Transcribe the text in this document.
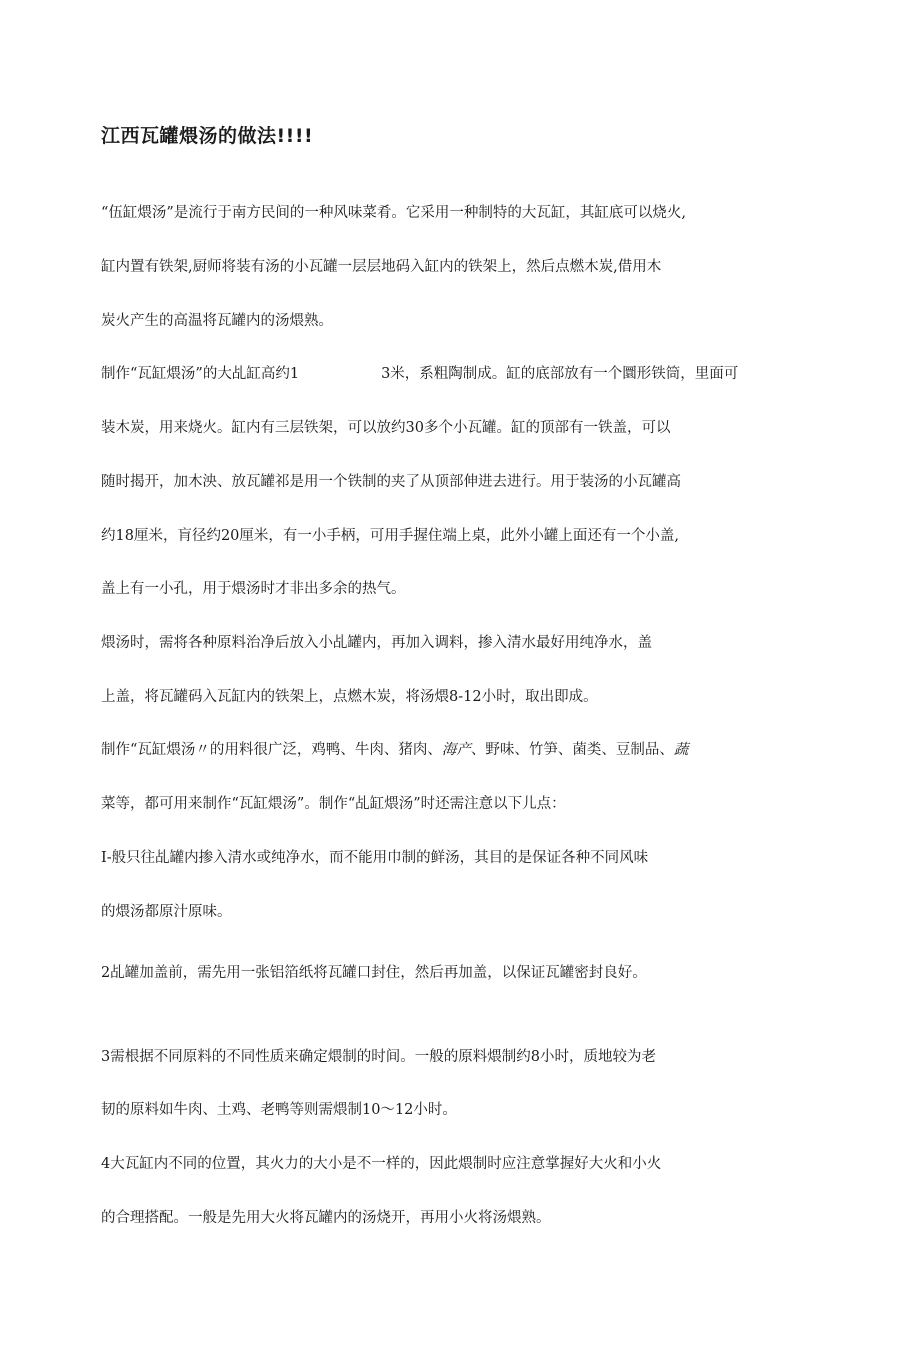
江西瓦罐煨汤的做法!!!!

“伍缸煨汤”是流行于南方民间的一种风味菜肴。它采用一种制特的大瓦缸，其缸底可以烧火,

缸内置有铁架,厨师将装有汤的小瓦罐一层层地码入缸内的铁架上，然后点燃木炭,借用木

炭火产生的高温将瓦罐内的汤煨熟。

制作“瓦缸煨汤”的大乩缸高约1	3米，系粗陶制成。缸的底部放有一个圜形铁筒，里面可

装木炭，用来烧火。缸内有三层铁架，可以放约30多个小瓦罐。缸的顶部有一铁盖，可以

随时揭开，加木泱、放瓦罐祁是用一个铁制的夹了从顶部伸进去进行。用于装汤的小瓦罐高

约18厘米，肓径约20厘米，有一小手柄，可用手握住端上桌，此外小罐上面还有一个小盖,

盖上有一小孔，用于煨汤时才非出多余的热气。

煨汤时，需将各种原料治净后放入小乩罐内，再加入调料，掺入清水最好用纯净水，盖

上盖，将瓦罐码入瓦缸内的铁架上，点燃木炭，将汤煨8-12小时，取出即成。

制作“瓦缸煨汤〃的用料很广泛，鸡鸭、牛肉、猪肉、海产、野味、竹笋、菌类、豆制品、蔬

菜等，都可用来制作“瓦缸煨汤”。制作“乩缸煨汤”时还需注意以下儿点：

I-般只往乩罐内掺入清水或纯净水，而不能用巾制的鲜汤，其目的是保证各种不同风味

的煨汤都原汁原味。

2乩罐加盖前，需先用一张铝箔纸将瓦罐口封住，然后再加盖，以保证瓦罐密封良好。

3需根据不同原料的不同性质来确定煨制的时间。一般的原料煨制约8小时，质地较为老

韧的原料如牛肉、土鸡、老鸭等则需煨制10～12小时。

4大瓦缸内不同的位置，其火力的大小是不一样的，因此煨制时应注意掌握好大火和小火

的合理搭配。一般是先用大火将瓦罐内的汤烧开，再用小火将汤煨熟。
